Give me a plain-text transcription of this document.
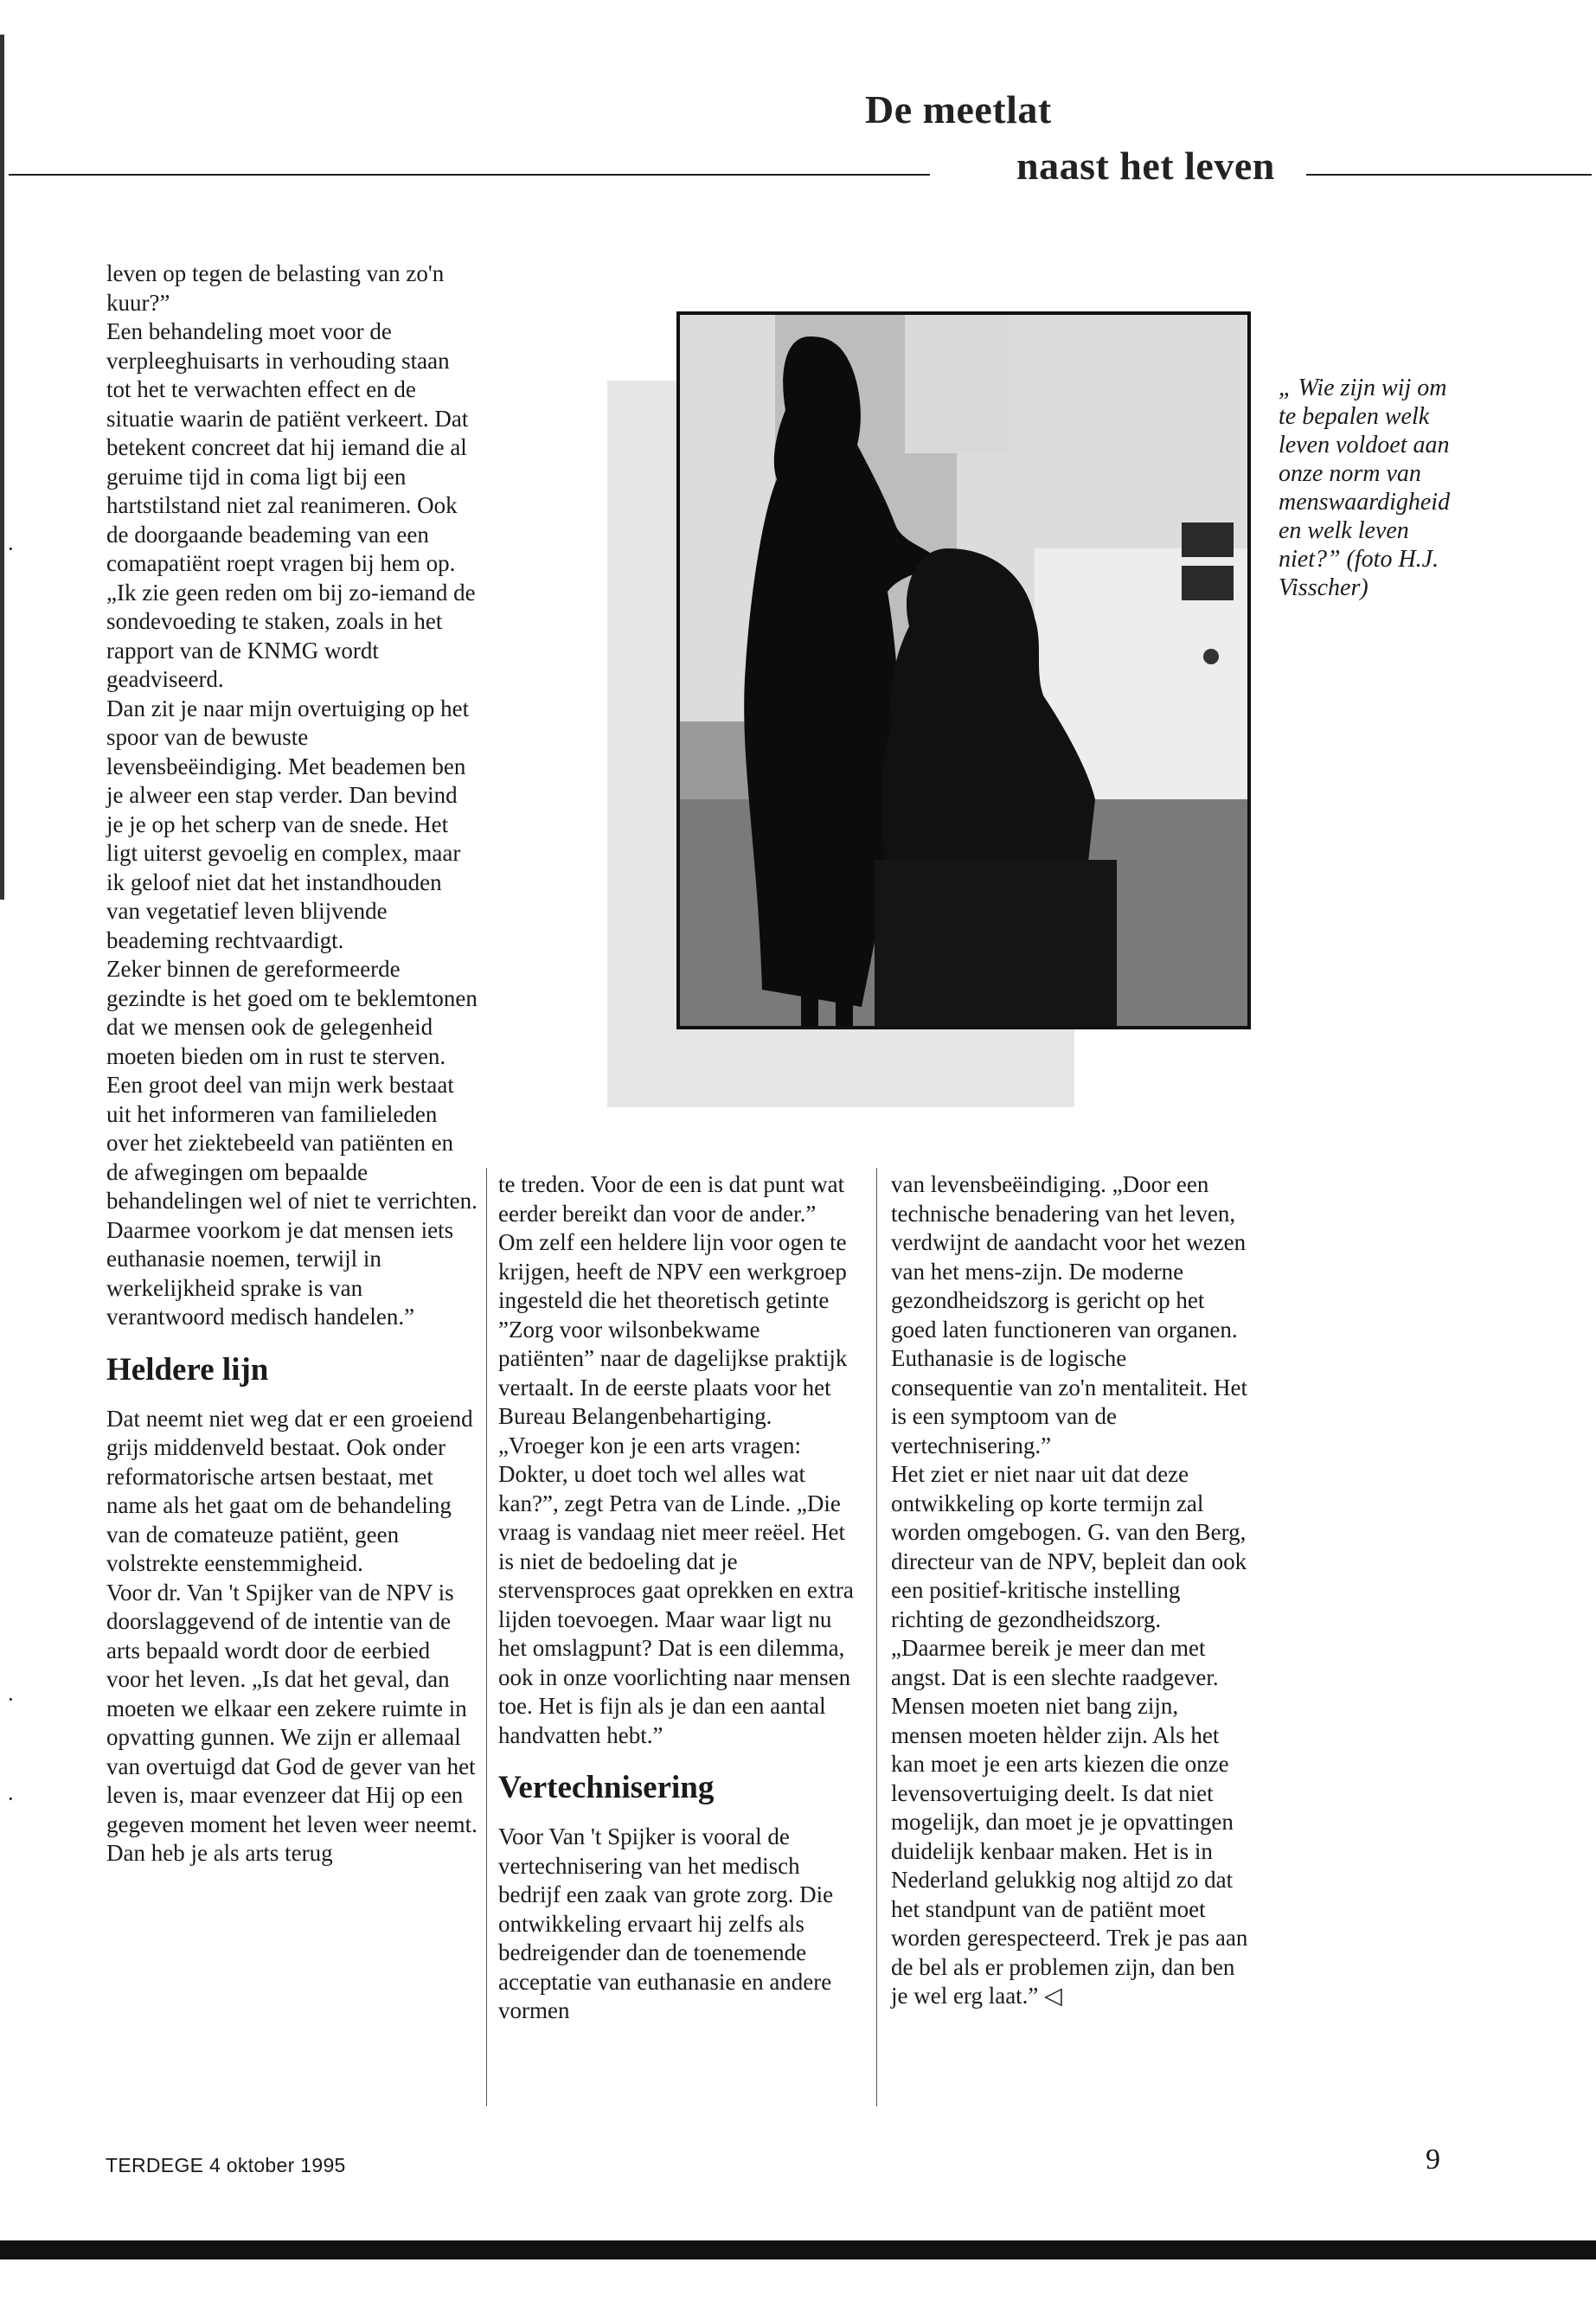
De meetlat
naast het leven

leven op tegen de belasting van zo'n kuur?”

Een behandeling moet voor de verpleeghuisarts in verhouding staan tot het te verwachten effect en de situatie waarin de patiënt verkeert. Dat betekent concreet dat hij iemand die al geruime tijd in coma ligt bij een hartstilstand niet zal reanimeren. Ook de doorgaande beademing van een comapatiënt roept vragen bij hem op.

„Ik zie geen reden om bij zo-iemand de sondevoeding te staken, zoals in het rapport van de KNMG wordt geadviseerd.

Dan zit je naar mijn overtuiging op het spoor van de bewuste levensbeëindiging. Met beademen ben je alweer een stap verder. Dan bevind je je op het scherp van de snede. Het ligt uiterst gevoelig en complex, maar ik geloof niet dat het instandhouden van vegetatief leven blijvende beademing rechtvaardigt.

Zeker binnen de gereformeerde gezindte is het goed om te beklemtonen dat we mensen ook de gelegenheid moeten bieden om in rust te sterven. Een groot deel van mijn werk bestaat uit het informeren van familieleden over het ziektebeeld van patiënten en de afwegingen om bepaalde behandelingen wel of niet te verrichten. Daarmee voorkom je dat mensen iets euthanasie noemen, terwijl in werkelijkheid sprake is van verantwoord medisch handelen.”

Heldere lijn

Dat neemt niet weg dat er een groeiend grijs middenveld bestaat. Ook onder reformatorische artsen bestaat, met name als het gaat om de behandeling van de comateuze patiënt, geen volstrekte eenstemmigheid.

Voor dr. Van 't Spijker van de NPV is doorslaggevend of de intentie van de arts bepaald wordt door de eerbied voor het leven. „Is dat het geval, dan moeten we elkaar een zekere ruimte in opvatting gunnen. We zijn er allemaal van overtuigd dat God de gever van het leven is, maar evenzeer dat Hij op een gegeven moment het leven weer neemt. Dan heb je als arts terug

te treden. Voor de een is dat punt wat eerder bereikt dan voor de ander.”

Om zelf een heldere lijn voor ogen te krijgen, heeft de NPV een werkgroep ingesteld die het theoretisch getinte ”Zorg voor wilsonbekwame patiënten” naar de dagelijkse praktijk vertaalt. In de eerste plaats voor het Bureau Belangenbehartiging.

„Vroeger kon je een arts vragen: Dokter, u doet toch wel alles wat kan?”, zegt Petra van de Linde. „Die vraag is vandaag niet meer reëel. Het is niet de bedoeling dat je stervensproces gaat oprekken en extra lijden toevoegen. Maar waar ligt nu het omslagpunt? Dat is een dilemma, ook in onze voorlichting naar mensen toe. Het is fijn als je dan een aantal handvatten hebt.”

Vertechnisering

Voor Van 't Spijker is vooral de vertechnisering van het medisch bedrijf een zaak van grote zorg. Die ontwikkeling ervaart hij zelfs als bedreigender dan de toenemende acceptatie van euthanasie en andere vormen

van levensbeëindiging. „Door een technische benadering van het leven, verdwijnt de aandacht voor het wezen van het mens-zijn. De moderne gezondheidszorg is gericht op het goed laten functioneren van organen. Euthanasie is de logische consequentie van zo'n mentaliteit. Het is een symptoom van de vertechnisering.”

Het ziet er niet naar uit dat deze ontwikkeling op korte termijn zal worden omgebogen. G. van den Berg, directeur van de NPV, bepleit dan ook een positief-kritische instelling richting de gezondheidszorg. „Daarmee bereik je meer dan met angst. Dat is een slechte raadgever. Mensen moeten niet bang zijn, mensen moeten hèlder zijn. Als het kan moet je een arts kiezen die onze levensovertuiging deelt. Is dat niet mogelijk, dan moet je je opvattingen duidelijk kenbaar maken. Het is in Nederland gelukkig nog altijd zo dat het standpunt van de patiënt moet worden gerespecteerd. Trek je pas aan de bel als er problemen zijn, dan ben je wel erg laat.” ◁

„ Wie zijn wij om te bepalen welk leven voldoet aan onze norm van menswaardigheid en welk leven niet?” (foto H.J. Visscher)
·
·
·
TERDEGE 4 oktober 1995	9
